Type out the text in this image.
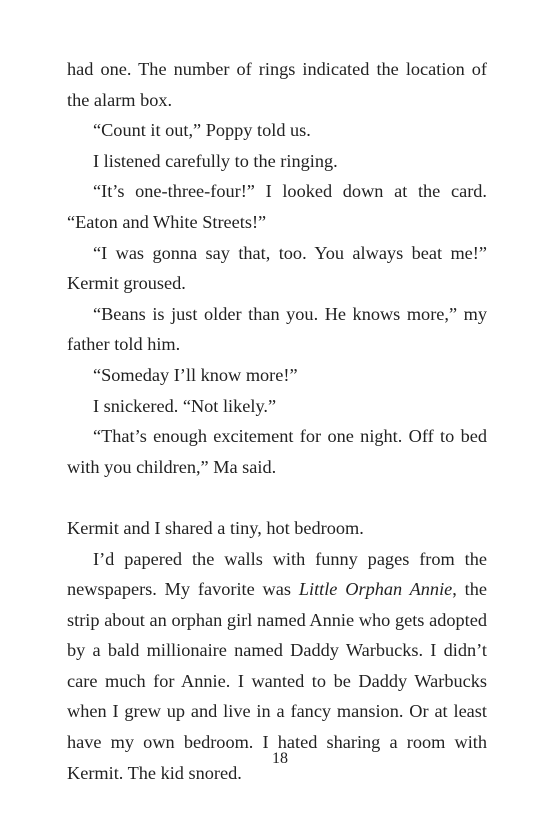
had one. The number of rings indicated the location of the alarm box.

“Count it out,” Poppy told us.

I listened carefully to the ringing.

“It’s one-three-four!” I looked down at the card. “Eaton and White Streets!”

“I was gonna say that, too. You always beat me!” Kermit groused.

“Beans is just older than you. He knows more,” my father told him.

“Someday I’ll know more!”

I snickered. “Not likely.”

“That’s enough excitement for one night. Off to bed with you children,” Ma said.

Kermit and I shared a tiny, hot bedroom.

I’d papered the walls with funny pages from the newspapers. My favorite was Little Orphan Annie, the strip about an orphan girl named Annie who gets adopted by a bald millionaire named Daddy Warbucks. I didn’t care much for Annie. I wanted to be Daddy Warbucks when I grew up and live in a fancy mansion. Or at least have my own bedroom. I hated sharing a room with Kermit. The kid snored.

18
